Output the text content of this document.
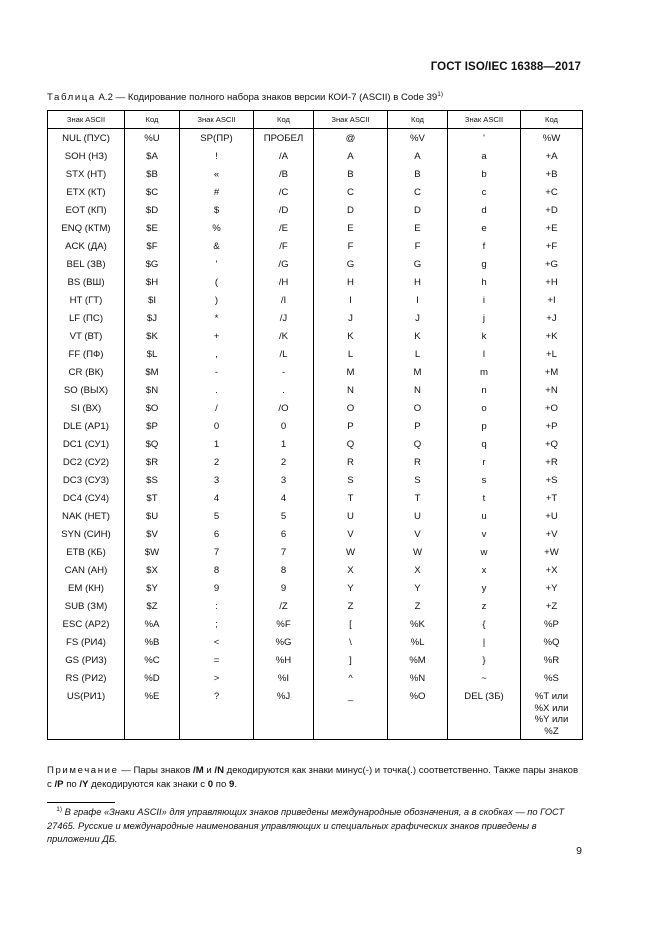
ГОСТ ISO/IEC 16388—2017
Таблица А.2 — Кодирование полного набора знаков версии КОИ-7 (ASCII) в Code 39$^{1)}$
Знак ASCII	Код	Знак ASCII	Код	Знак ASCII	Код	Знак ASCII	Код
NUL (ПУС)	%U	SP(ПР)	ПРОБЕЛ	@	%V	'	%W
SOH (НЗ)	$A	!	/A	A	A	a	+A
STX (HT)	$B	«	/B	B	B	b	+B
ETX (КТ)	$C	#	/C	C	C	c	+C
EOT (КП)	$D	$	/D	D	D	d	+D
ENQ (КТМ)	$E	%	/E	E	E	e	+E
ACK (ДА)	$F	&	/F	F	F	f	+F
BEL (ЗВ)	$G	'	/G	G	G	g	+G
BS (ВШ)	$H	(	/H	H	H	h	+H
HT (ГТ)	$I	)	/I	I	I	i	+I
LF (ПС)	$J	*	/J	J	J	j	+J
VT (ВТ)	$K	+	/K	K	K	k	+K
FF (ПФ)	$L	,	/L	L	L	l	+L
CR (ВК)	$M	-	-	M	M	m	+M
SO (ВЫХ)	$N	.	.	N	N	n	+N
SI (ВХ)	$O	/	/O	O	O	o	+O
DLE (АР1)	$P	0	0	P	P	p	+P
DC1 (СУ1)	$Q	1	1	Q	Q	q	+Q
DC2 (СУ2)	$R	2	2	R	R	r	+R
DC3 (СУ3)	$S	3	3	S	S	s	+S
DC4 (СУ4)	$T	4	4	T	T	t	+T
NAK (НЕТ)	$U	5	5	U	U	u	+U
SYN (СИН)	$V	6	6	V	V	v	+V
ETB (КБ)	$W	7	7	W	W	w	+W
CAN (АН)	$X	8	8	X	X	x	+X
EM (КН)	$Y	9	9	Y	Y	y	+Y
SUB (ЗМ)	$Z	:	/Z	Z	Z	z	+Z
ESC (АР2)	%A	;	%F	[	%K	{	%P
FS (РИ4)	%B	<	%G	\	%L	|	%Q
GS (РИ3)	%C	=	%H	]	%M	}	%R
RS (РИ2)	%D	>	%I	^	%N	~	%S
US(РИ1)	%E	?	%J	_	%O	DEL (ЗБ)	%T или
%X или
%Y или
%Z
Примечание — Пары знаков /M и /N декодируются как знаки минус(-) и точка(.) соответственно. Также пары знаков с /P по /Y декодируются как знаки с 0 по 9.
 $^{1)}$ В графе «Знаки ASCII» для управляющих знаков приведены международные обозначения, а в скобках — по ГОСТ 27465. Русские и международные наименования управляющих и специальных графических знаков приведены в приложении ДБ.
9
